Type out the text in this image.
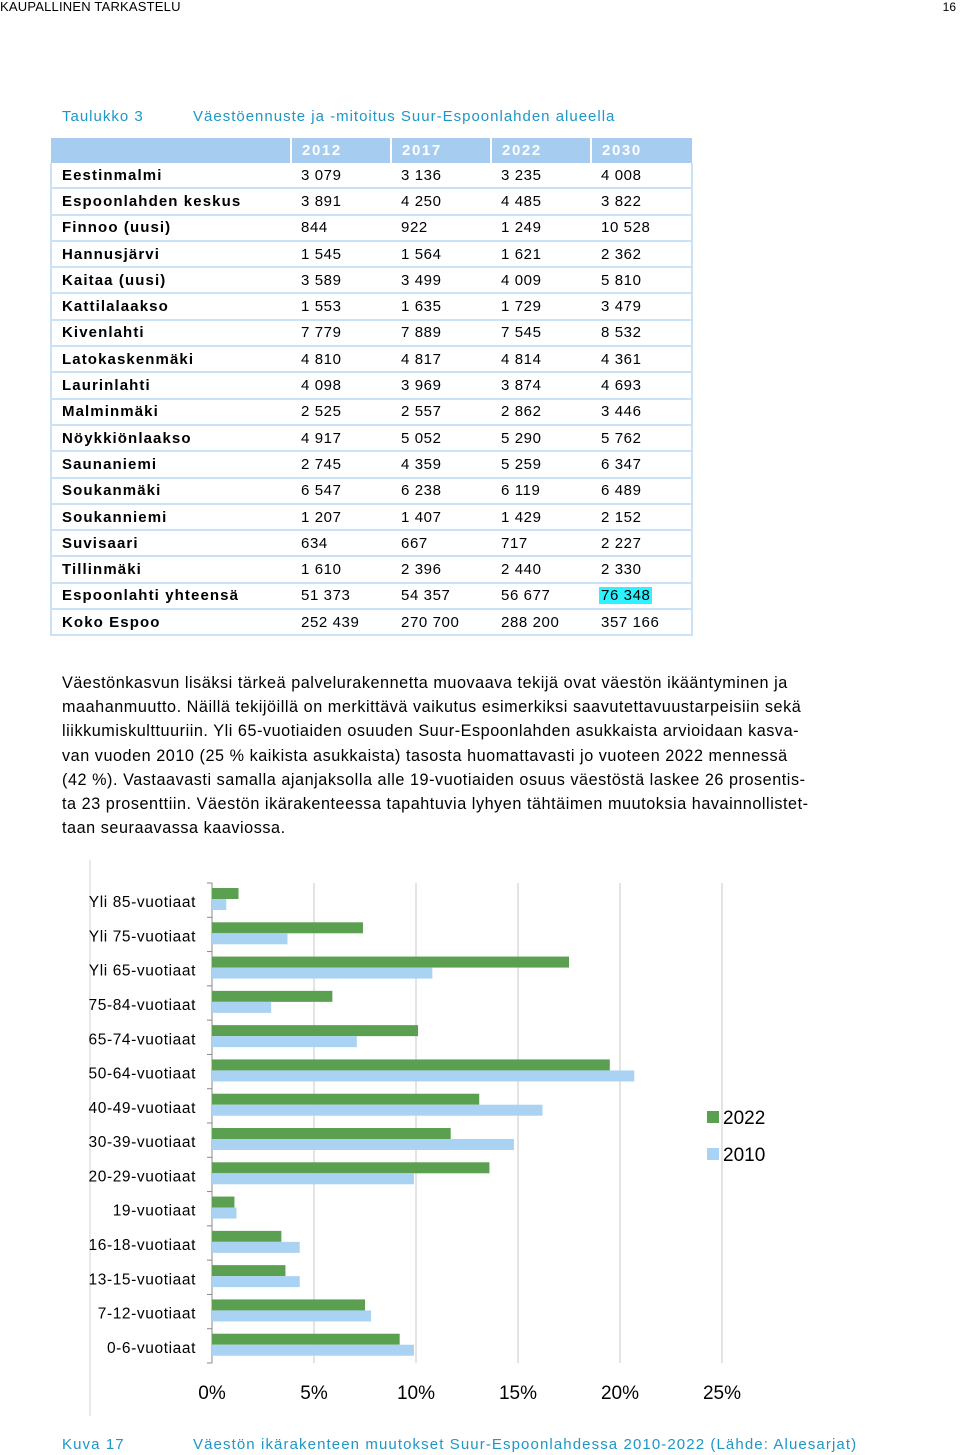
KAUPALLINEN TARKASTELU	16
Taulukko 3	Väestöennuste ja -mitoitus Suur-Espoonlahden alueella
	2012	2017	2022	2030
Eestinmalmi	3 079	3 136	3 235	4 008
Espoonlahden keskus	3 891	4 250	4 485	3 822
Finnoo (uusi)	844	922	1 249	10 528
Hannusjärvi	1 545	1 564	1 621	2 362
Kaitaa (uusi)	3 589	3 499	4 009	5 810
Kattilalaakso	1 553	1 635	1 729	3 479
Kivenlahti	7 779	7 889	7 545	8 532
Latokaskenmäki	4 810	4 817	4 814	4 361
Laurinlahti	4 098	3 969	3 874	4 693
Malminmäki	2 525	2 557	2 862	3 446
Nöykkiönlaakso	4 917	5 052	5 290	5 762
Saunaniemi	2 745	4 359	5 259	6 347
Soukanmäki	6 547	6 238	6 119	6 489
Soukanniemi	1 207	1 407	1 429	2 152
Suvisaari	634	667	717	2 227
Tillinmäki	1 610	2 396	2 440	2 330
Espoonlahti yhteensä	51 373	54 357	56 677	76 348
Koko Espoo	252 439	270 700	288 200	357 166

Väestönkasvun lisäksi tärkeä palvelurakennetta muovaava tekijä ovat väestön ikääntyminen ja

maahanmuutto. Näillä tekijöillä on merkittävä vaikutus esimerkiksi saavutettavuustarpeisiin sekä

liikkumiskulttuuriin. Yli 65-vuotiaiden osuuden Suur-Espoonlahden asukkaista arvioidaan kasva-

van vuoden 2010 (25 % kaikista asukkaista) tasosta huomattavasti jo vuoteen 2022 mennessä

(42 %). Vastaavasti samalla ajanjaksolla alle 19-vuotiaiden osuus väestöstä laskee 26 prosentis-

ta 23 prosenttiin. Väestön ikärakenteessa tapahtuvia lyhyen tähtäimen muutoksia havainnollistet-

taan seuraavassa kaaviossa.

0%	5%	10%	15%	20%	25%
Yli 85-vuotiaat
Yli 75-vuotiaat
Yli 65-vuotiaat
75-84-vuotiaat
65-74-vuotiaat
50-64-vuotiaat
40-49-vuotiaat
30-39-vuotiaat
20-29-vuotiaat
19-vuotiaat
16-18-vuotiaat
13-15-vuotiaat
7-12-vuotiaat
0-6-vuotiaat
2022
2010
Kuva 17	Väestön ikärakenteen muutokset Suur-Espoonlahdessa 2010-2022 (Lähde: Aluesarjat)
